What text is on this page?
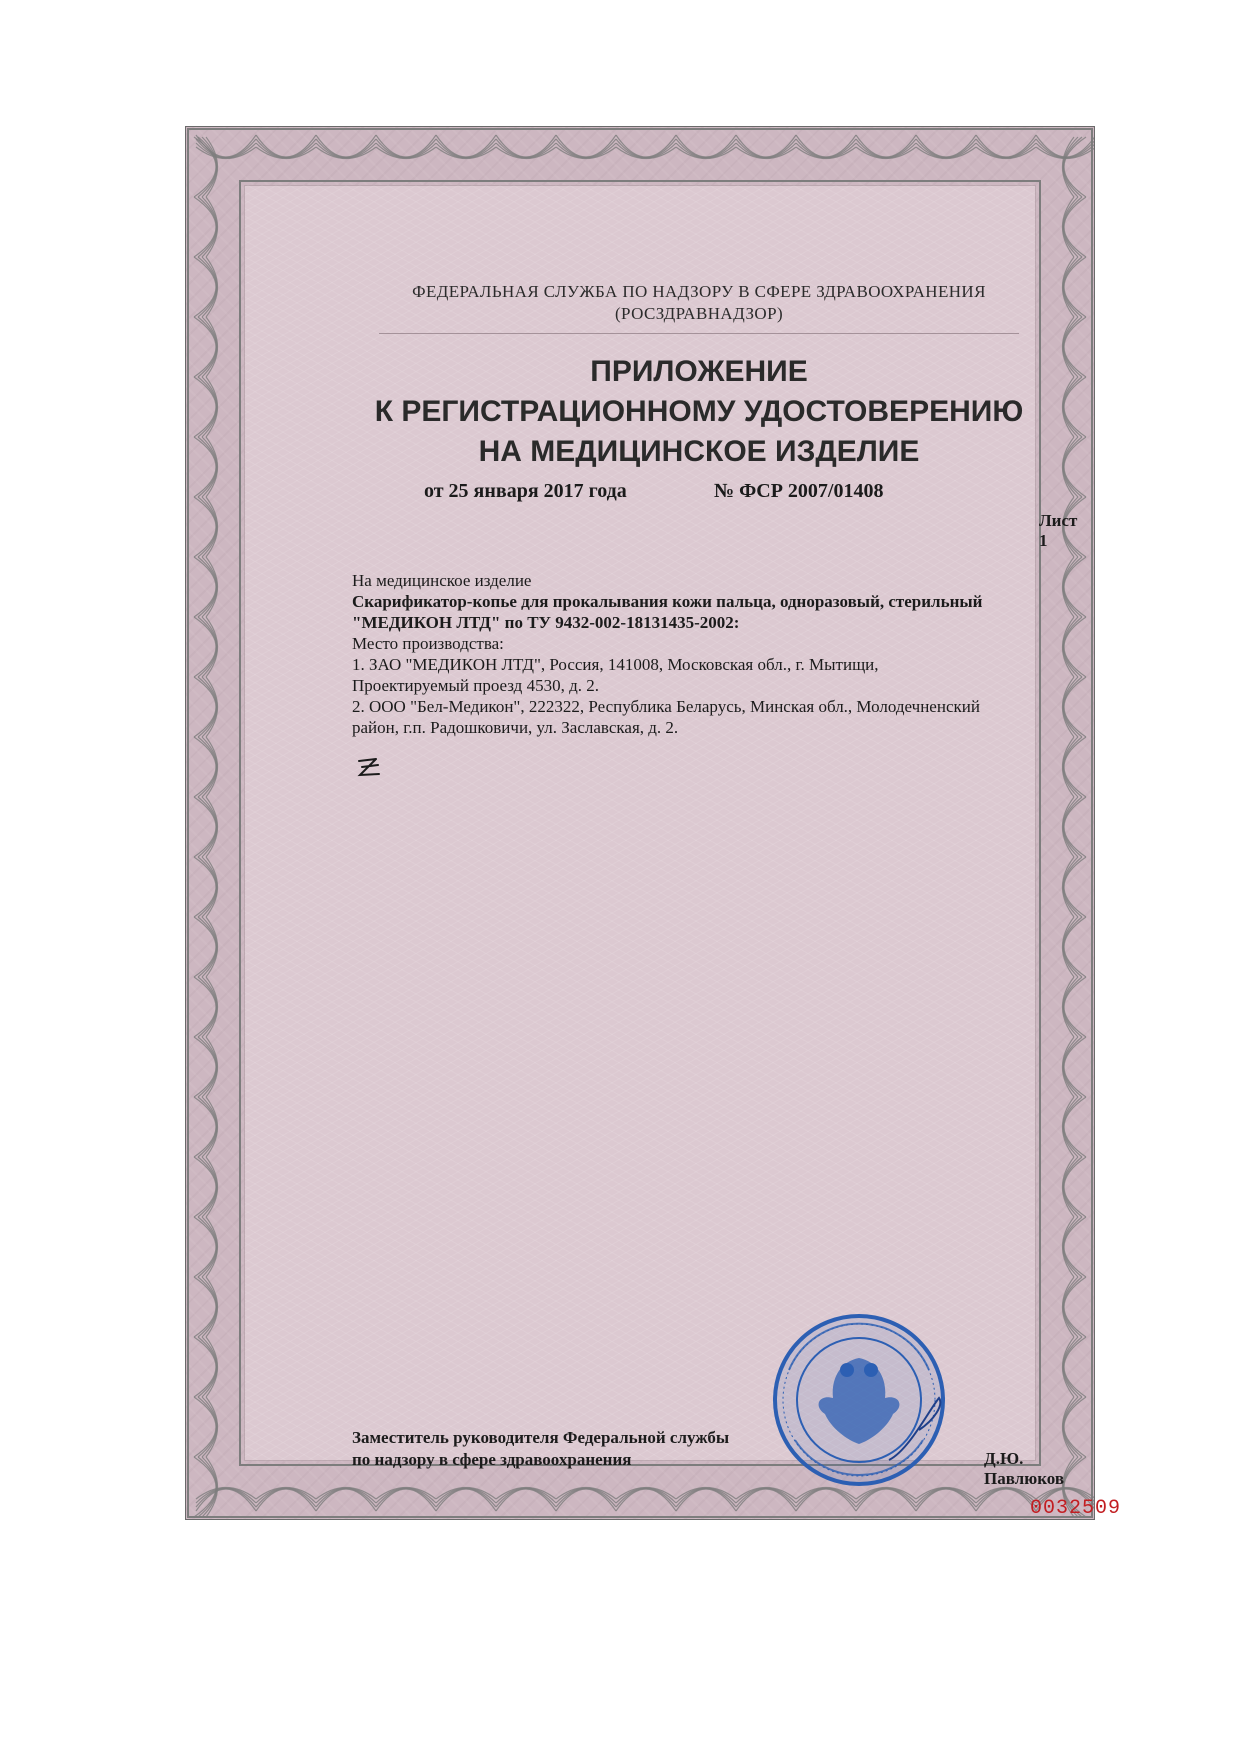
ФЕДЕРАЛЬНАЯ СЛУЖБА ПО НАДЗОРУ В СФЕРЕ ЗДРАВООХРАНЕНИЯ
(РОСЗДРАВНАДЗОР)
ПРИЛОЖЕНИЕ
К РЕГИСТРАЦИОННОМУ УДОСТОВЕРЕНИЮ
НА МЕДИЦИНСКОЕ ИЗДЕЛИЕ
от 25 января 2017 года	№ ФСР 2007/01408
Лист 1
На медицинское изделие
Скарификатор-копье для прокалывания кожи пальца, одноразовый, стерильный
"МЕДИКОН ЛТД" по ТУ 9432-002-18131435-2002:
Место производства:
1. ЗАО "МЕДИКОН ЛТД", Россия, 141008, Московская обл., г. Мытищи,
Проектируемый проезд 4530, д. 2.
2. ООО "Бел-Медикон", 222322, Республика Беларусь, Минская обл., Молодечненский
район, г.п. Радошковичи, ул. Заславская, д. 2.
Заместитель руководителя Федеральной службы
по надзору в сфере здравоохранения	Д.Ю. Павлюков
0032509
